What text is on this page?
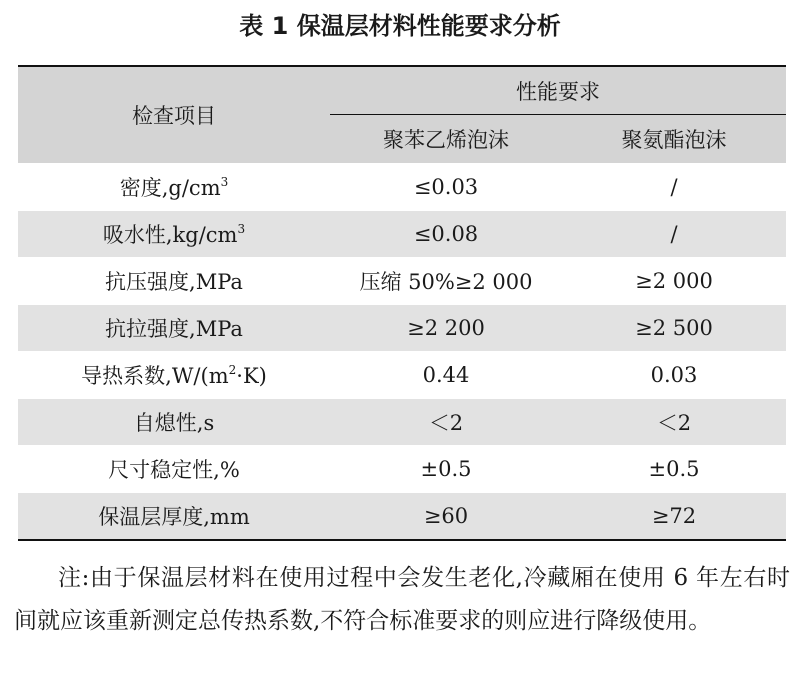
表 1 保温层材料性能要求分析
检查项目	性能要求	
	聚苯乙烯泡沫	聚氨酯泡沫
密度$,g/cm^3$	≤0.03	/
吸水性$,kg/cm^3$	≤0.08	/
抗压强度,MPa	压缩 50%≥2 000	≥2 000
抗拉强度,MPa	≥2 200	≥2 500
导热系数$,W/(m^2\cdot K)$	0.44	0.03
自熄性,s	＜2	＜2
尺寸稳定性,%	±0.5	±0.5
保温层厚度,mm	≥60	≥72
注:由于保温层材料在使用过程中会发生老化,冷藏厢在使用 6 年左右时间就应该重新测定总传热系数,不符合标准要求的则应进行降级使用。
